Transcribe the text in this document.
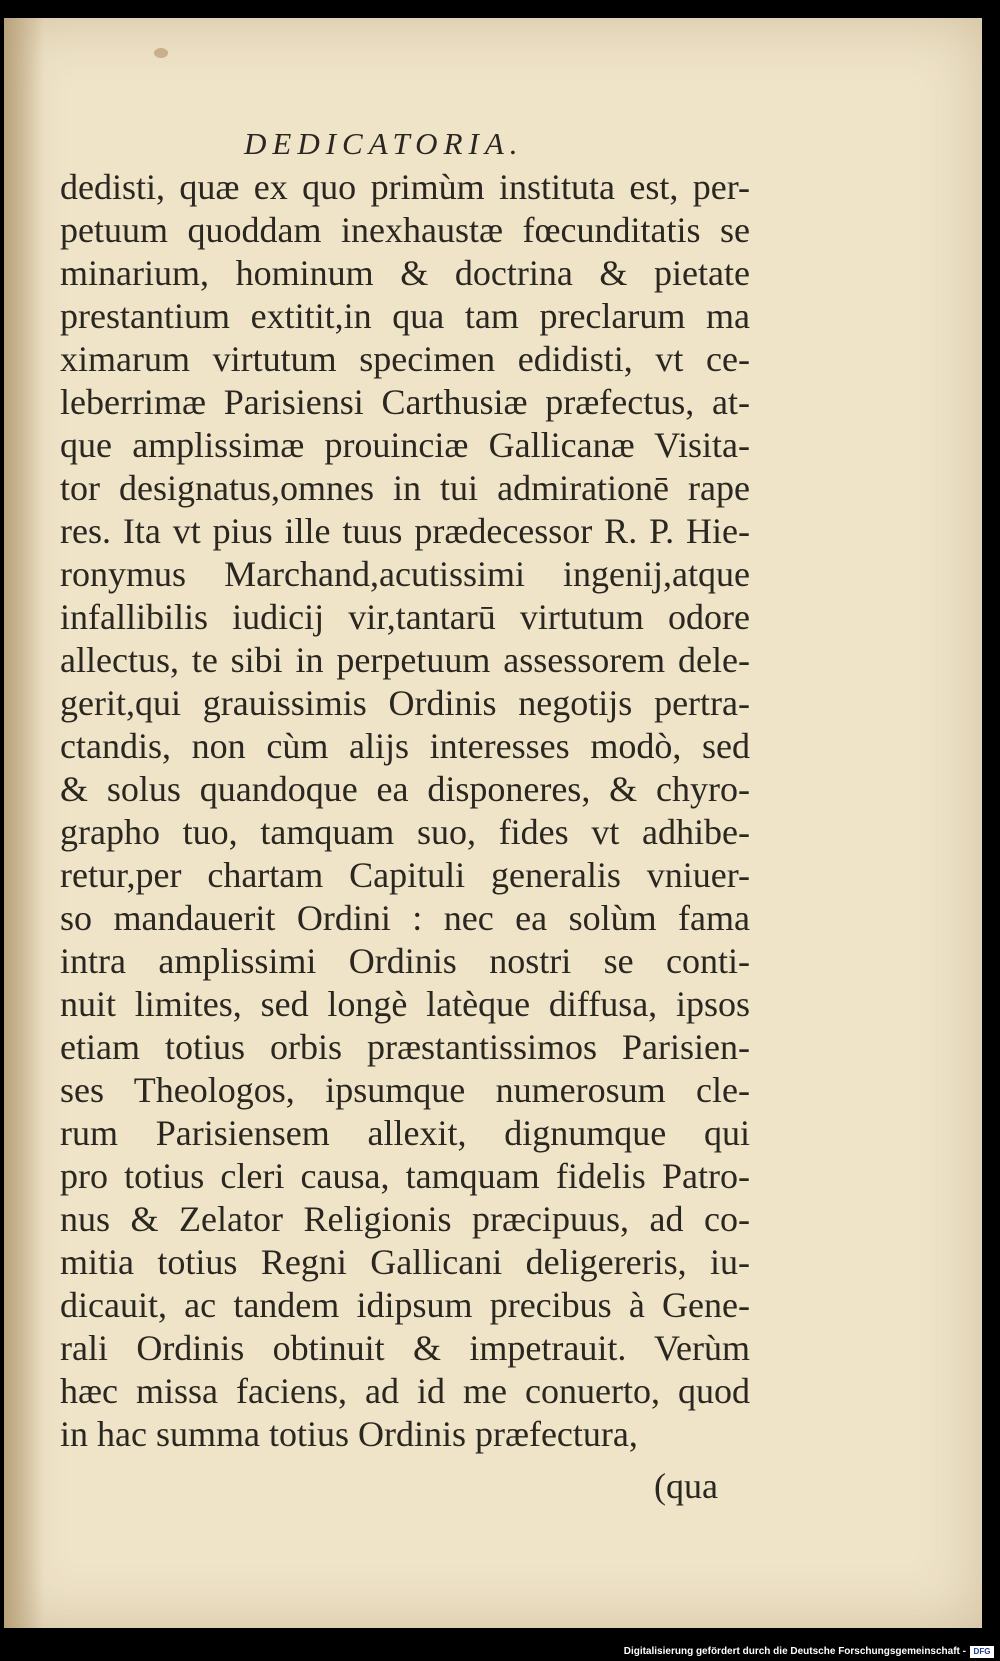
DEDICATORIA.
dedisti, quæ ex quo primùm instituta est, per-
petuum quoddam inexhaustæ fœcunditatis se
minarium, hominum & doctrina & pietate
prestantium extitit,in qua tam preclarum ma
ximarum virtutum specimen edidisti, vt ce-
leberrimæ Parisiensi Carthusiæ præfectus, at-
que amplissimæ prouinciæ Gallicanæ Visita-
tor designatus,omnes in tui admirationē rape
res. Ita vt pius ille tuus prædecessor R. P. Hie-
ronymus Marchand,acutissimi ingenij,atque
infallibilis iudicij vir,tantarū virtutum odore
allectus, te sibi in perpetuum assessorem dele-
gerit,qui grauissimis Ordinis negotijs pertra-
ctandis, non cùm alijs interesses modò, sed
& solus quandoque ea disponeres, & chyro-
grapho tuo, tamquam suo, fides vt adhibe-
retur,per chartam Capituli generalis vniuer-
so mandauerit Ordini : nec ea solùm fama
intra amplissimi Ordinis nostri se conti-
nuit limites, sed longè latèque diffusa, ipsos
etiam totius orbis præstantissimos Parisien-
ses Theologos, ipsumque numerosum cle-
rum Parisiensem allexit, dignumque qui
pro totius cleri causa, tamquam fidelis Patro-
nus & Zelator Religionis præcipuus, ad co-
mitia totius Regni Gallicani deligereris, iu-
dicauit, ac tandem idipsum precibus à Gene-
rali Ordinis obtinuit & impetrauit. Verùm
hæc missa faciens, ad id me conuerto, quod
in hac summa totius Ordinis præfectura,
(qua
Digitalisierung gefördert durch die Deutsche Forschungsgemeinschaft - DFG
